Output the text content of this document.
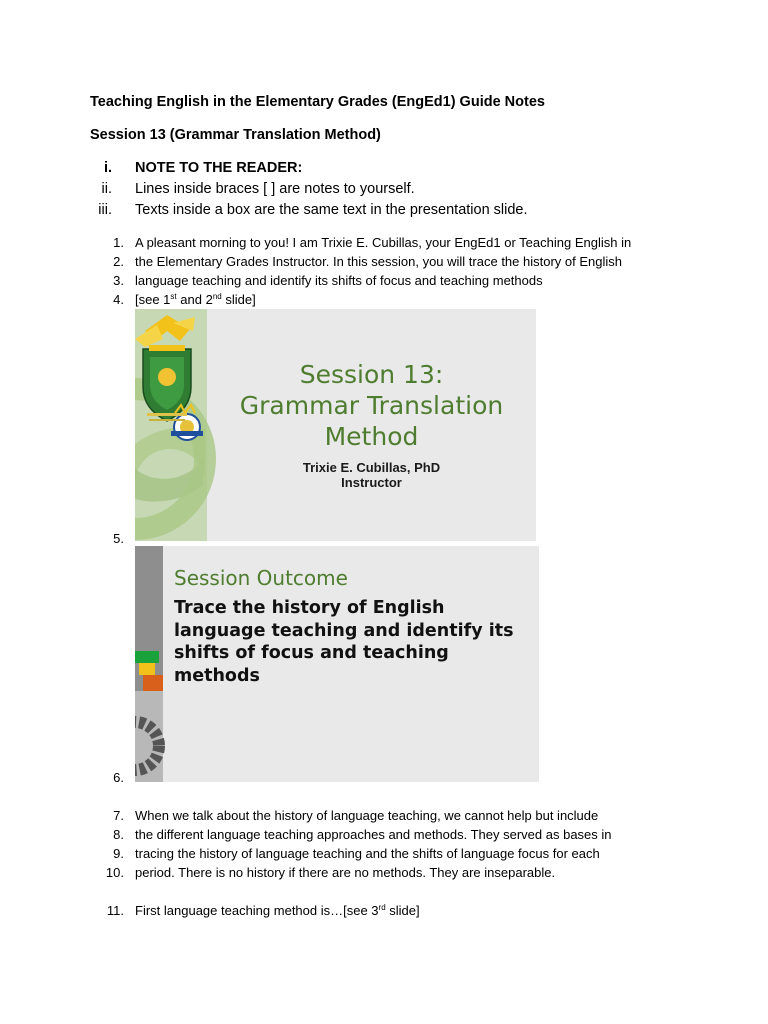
Teaching English in the Elementary Grades (EngEd1) Guide Notes
Session 13 (Grammar Translation Method)
i. NOTE TO THE READER:
ii. Lines inside braces [ ] are notes to yourself.
iii. Texts inside a box are the same text in the presentation slide.
1. A pleasant morning to you! I am Trixie E. Cubillas, your EngEd1 or Teaching English in
2. the Elementary Grades Instructor. In this session, you will trace the history of English
3. language teaching and identify its shifts of focus and teaching methods
4. [see 1st and 2nd slide]
Session 13:
Grammar Translation
Method
Trixie E. Cubillas, PhD
Instructor
5.
Session Outcome
Trace the history of English language teaching and identify its shifts of focus and teaching methods
6.
7. When we talk about the history of language teaching, we cannot help but include
8. the different language teaching approaches and methods. They served as bases in
9. tracing the history of language teaching and the shifts of language focus for each
10. period. There is no history if there are no methods. They are inseparable.
11. First language teaching method is…[see 3rd slide]
